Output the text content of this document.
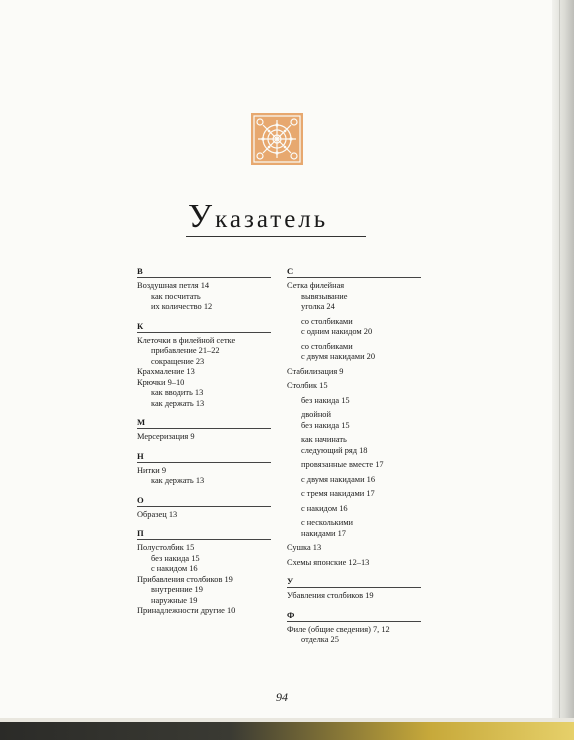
Указатель
В
Воздушная петля 14
как посчитать
их количество 12
К
Клеточки в филейной сетке
прибавление 21–22
сокращение 23
Крахмаление 13
Крючки 9–10
как вводить 13
как держать 13
М
Мерсеризация 9
Н
Нитки 9
как держать 13
О
Образец 13
П
Полустолбик 15
без накида 15
с накидом 16
Прибавления столбиков 19
внутренние 19
наружные 19
Принадлежности другие 10
С
Сетка филейная
вывязывание
уголка 24
со столбиками
с одним накидом 20
со столбиками
с двумя накидами 20
Стабилизация 9
Столбик 15
без накида 15
двойной
без накида 15
как начинать
следующий ряд 18
провязанные вместе 17
с двумя накидами 16
с тремя накидами 17
с накидом 16
с несколькими
накидами 17
Сушка 13
Схемы японские 12–13
У
Убавления столбиков 19
Ф
Филе (общие сведения) 7, 12
отделка 25
94
